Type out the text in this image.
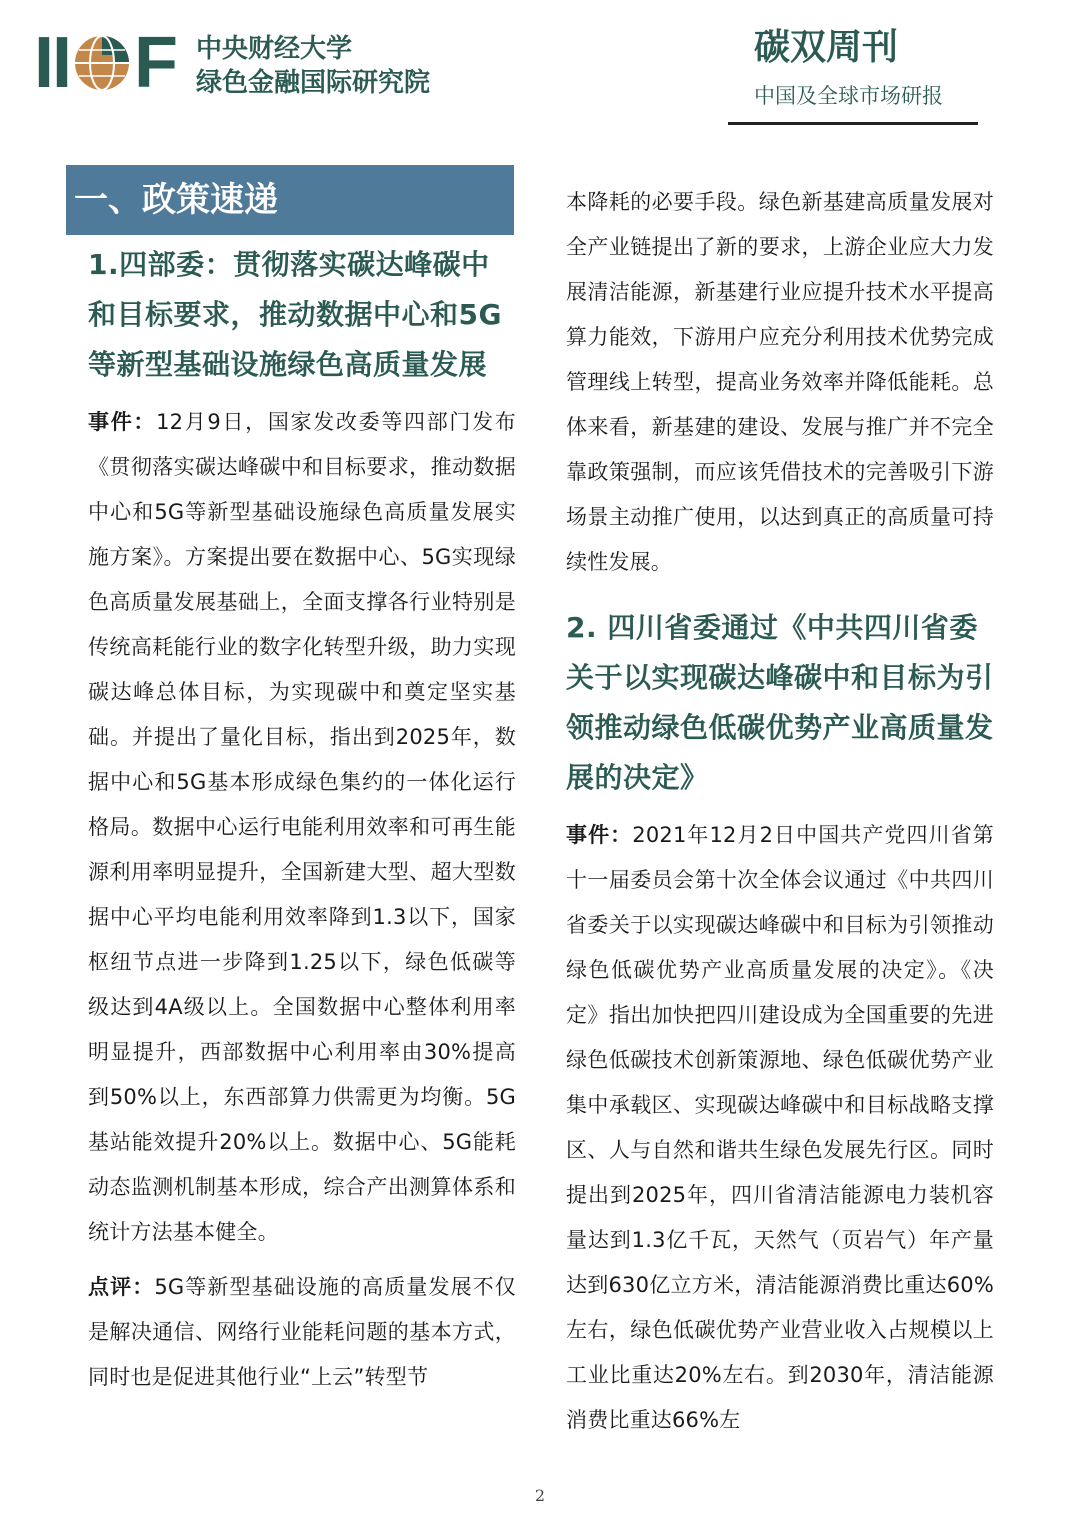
II F 中央财经大学
绿色金融国际研究院
碳双周刊
中国及全球市场研报
一、政策速递
1.四部委：贯彻落实碳达峰碳中和目标要求，推动数据中心和5G等新型基础设施绿色高质量发展

事件：12月9日，国家发改委等四部门发布《贯彻落实碳达峰碳中和目标要求，推动数据中心和5G等新型基础设施绿色高质量发展实施方案》。方案提出要在数据中心、5G实现绿色高质量发展基础上，全面支撑各行业特别是传统高耗能行业的数字化转型升级，助力实现碳达峰总体目标，为实现碳中和奠定坚实基础。并提出了量化目标，指出到2025年，数据中心和5G基本形成绿色集约的一体化运行格局。数据中心运行电能利用效率和可再生能源利用率明显提升，全国新建大型、超大型数据中心平均电能利用效率降到1.3以下，国家枢纽节点进一步降到1.25以下，绿色低碳等级达到4A级以上。全国数据中心整体利用率明显提升，西部数据中心利用率由30%提高到50%以上，东西部算力供需更为均衡。5G基站能效提升20%以上。数据中心、5G能耗动态监测机制基本形成，综合产出测算体系和统计方法基本健全。

点评：5G等新型基础设施的高质量发展不仅是解决通信、网络行业能耗问题的基本方式，同时也是促进其他行业“上云”转型节

本降耗的必要手段。绿色新基建高质量发展对全产业链提出了新的要求，上游企业应大力发展清洁能源，新基建行业应提升技术水平提高算力能效，下游用户应充分利用技术优势完成管理线上转型，提高业务效率并降低能耗。总体来看，新基建的建设、发展与推广并不完全靠政策强制，而应该凭借技术的完善吸引下游场景主动推广使用，以达到真正的高质量可持续性发展。

2. 四川省委通过《中共四川省委关于以实现碳达峰碳中和目标为引领推动绿色低碳优势产业高质量发展的决定》

事件：2021年12月2日中国共产党四川省第十一届委员会第十次全体会议通过《中共四川省委关于以实现碳达峰碳中和目标为引领推动绿色低碳优势产业高质量发展的决定》。《决定》指出加快把四川建设成为全国重要的先进绿色低碳技术创新策源地、绿色低碳优势产业集中承载区、实现碳达峰碳中和目标战略支撑区、人与自然和谐共生绿色发展先行区。同时提出到2025年，四川省清洁能源电力装机容量达到1.3亿千瓦，天然气（页岩气）年产量达到630亿立方米，清洁能源消费比重达60%左右，绿色低碳优势产业营业收入占规模以上工业比重达20%左右。到2030年，清洁能源消费比重达66%左

2
